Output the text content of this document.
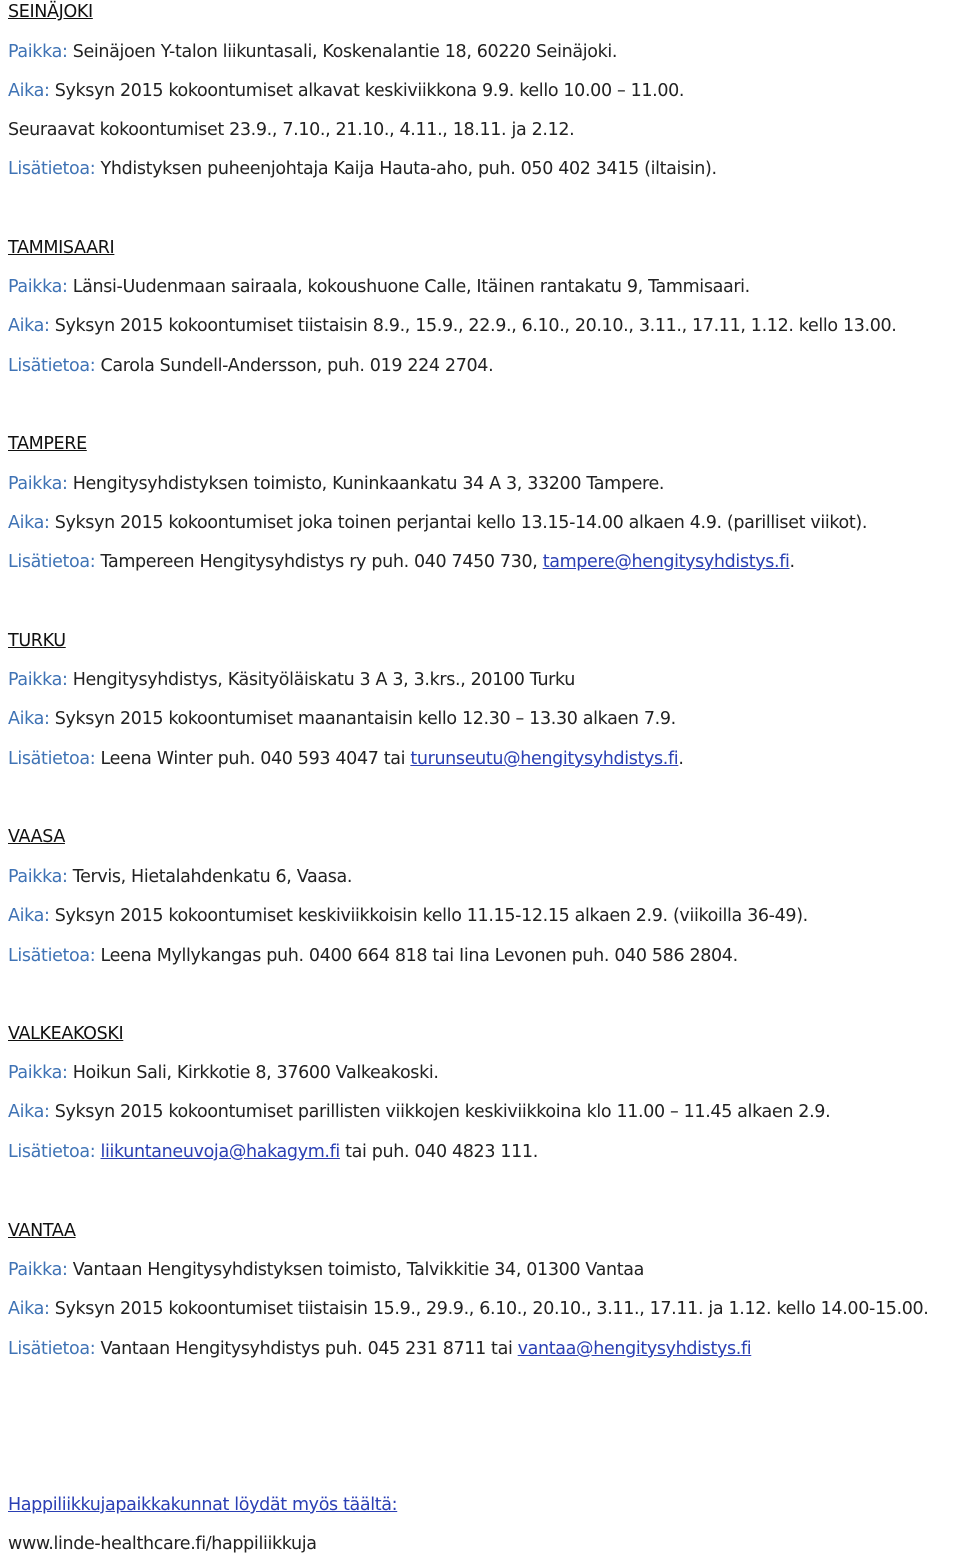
SEINÄJOKI
Paikka: Seinäjoen Y-talon liikuntasali, Koskenalantie 18, 60220 Seinäjoki.
Aika: Syksyn 2015 kokoontumiset alkavat keskiviikkona 9.9. kello 10.00 – 11.00.
Seuraavat kokoontumiset 23.9., 7.10., 21.10., 4.11., 18.11. ja 2.12.
Lisätietoa: Yhdistyksen puheenjohtaja Kaija Hauta-aho, puh. 050 402 3415 (iltaisin).
TAMMISAARI
Paikka: Länsi-Uudenmaan sairaala, kokoushuone Calle, Itäinen rantakatu 9, Tammisaari.
Aika: Syksyn 2015 kokoontumiset tiistaisin 8.9., 15.9., 22.9., 6.10., 20.10., 3.11., 17.11, 1.12. kello 13.00.
Lisätietoa: Carola Sundell-Andersson, puh. 019 224 2704.
TAMPERE
Paikka: Hengitysyhdistyksen toimisto, Kuninkaankatu 34 A 3, 33200 Tampere.
Aika: Syksyn 2015 kokoontumiset joka toinen perjantai kello 13.15-14.00 alkaen 4.9. (parilliset viikot).
Lisätietoa: Tampereen Hengitysyhdistys ry puh. 040 7450 730, tampere@hengitysyhdistys.fi.
TURKU
Paikka: Hengitysyhdistys, Käsityöläiskatu 3 A 3, 3.krs., 20100 Turku
Aika: Syksyn 2015 kokoontumiset maanantaisin kello 12.30 – 13.30 alkaen 7.9.
Lisätietoa: Leena Winter puh. 040 593 4047 tai turunseutu@hengitysyhdistys.fi.
VAASA
Paikka: Tervis, Hietalahdenkatu 6, Vaasa.
Aika: Syksyn 2015 kokoontumiset keskiviikkoisin kello 11.15-12.15 alkaen 2.9. (viikoilla 36-49).
Lisätietoa: Leena Myllykangas puh. 0400 664 818 tai Iina Levonen puh. 040 586 2804.
VALKEAKOSKI
Paikka: Hoikun Sali, Kirkkotie 8, 37600 Valkeakoski.
Aika: Syksyn 2015 kokoontumiset parillisten viikkojen keskiviikkoina klo 11.00 – 11.45 alkaen 2.9.
Lisätietoa: liikuntaneuvoja@hakagym.fi tai puh. 040 4823 111.
VANTAA
Paikka: Vantaan Hengitysyhdistyksen toimisto, Talvikkitie 34, 01300 Vantaa
Aika: Syksyn 2015 kokoontumiset tiistaisin 15.9., 29.9., 6.10., 20.10., 3.11., 17.11. ja 1.12. kello 14.00-15.00.
Lisätietoa: Vantaan Hengitysyhdistys puh. 045 231 8711 tai vantaa@hengitysyhdistys.fi
Happiliikkujapaikkakunnat löydät myös täältä:
www.linde-healthcare.fi/happiliikkuja
